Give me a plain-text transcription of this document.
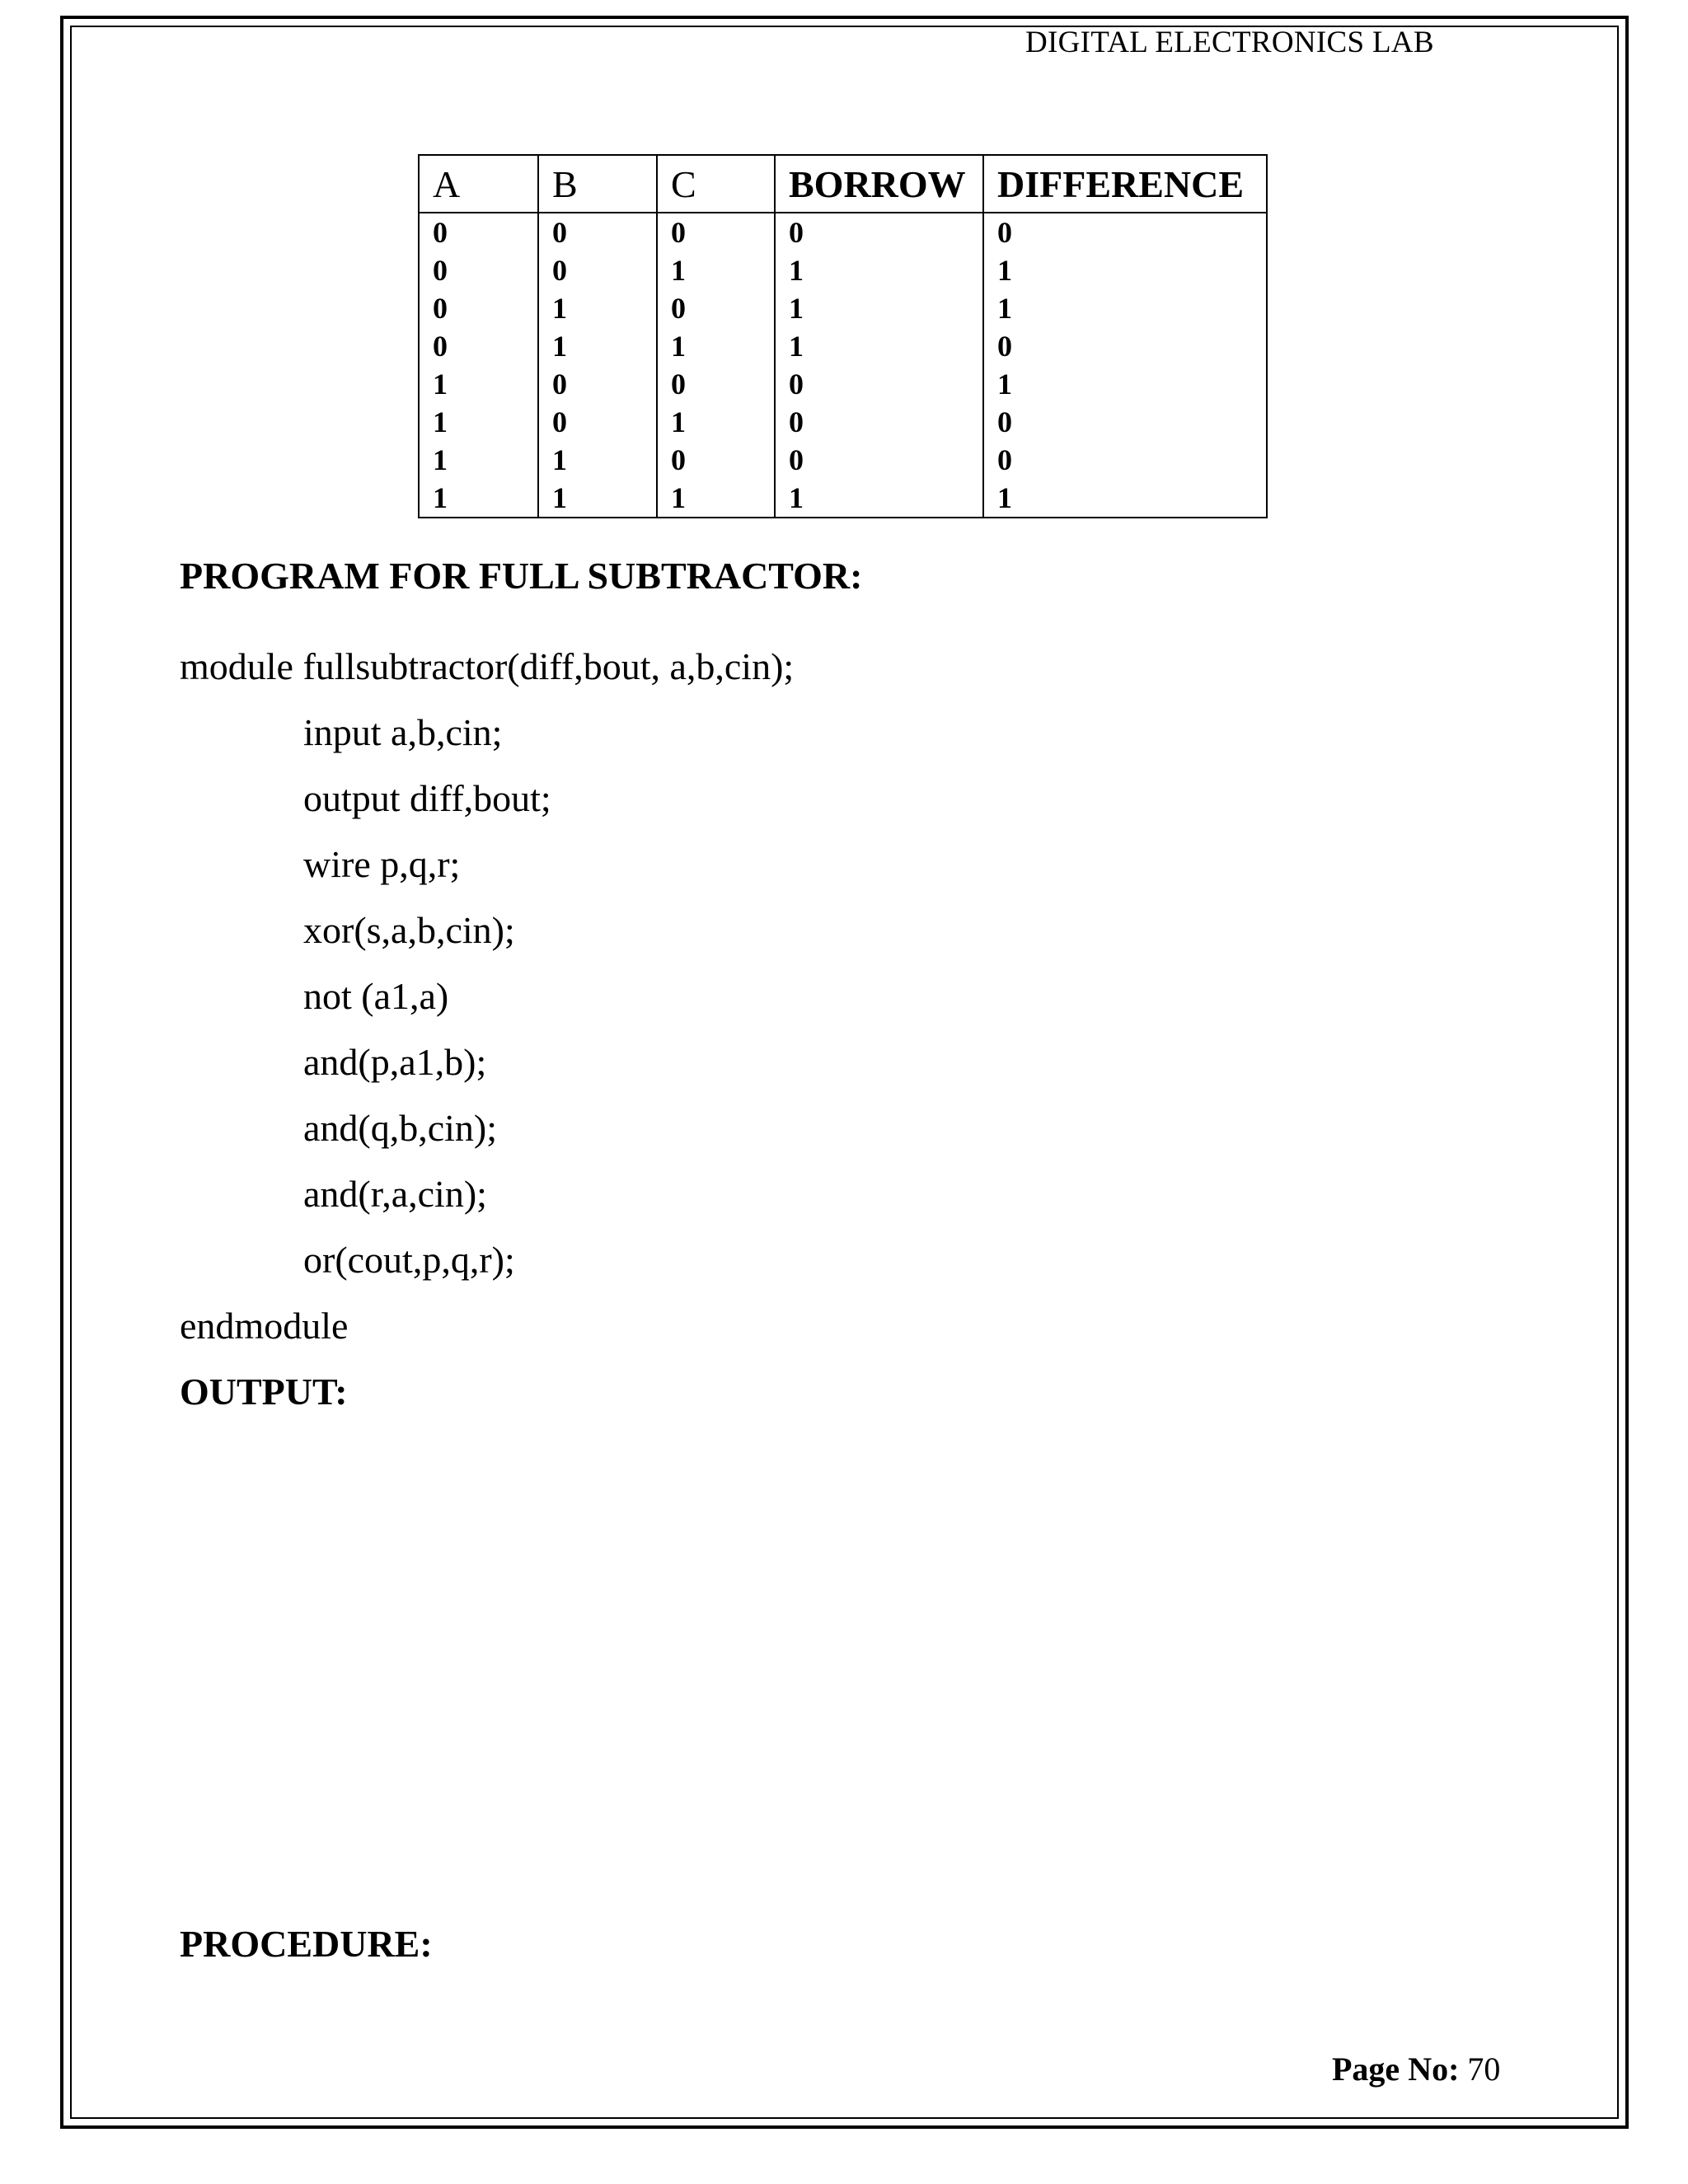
DIGITAL ELECTRONICS LAB
A	B	C	BORROW	DIFFERENCE
0	0	0	0	0
0	0	1	1	1
0	1	0	1	1
0	1	1	1	0
1	0	0	0	1
1	0	1	0	0
1	1	0	0	0
1	1	1	1	1
PROGRAM FOR FULL SUBTRACTOR:
module fullsubtractor(diff,bout, a,b,cin);
input a,b,cin;
output diff,bout;
wire p,q,r;
xor(s,a,b,cin);
not (a1,a)
and(p,a1,b);
and(q,b,cin);
and(r,a,cin);
or(cout,p,q,r);
endmodule
OUTPUT:
PROCEDURE:
Page No: 70
